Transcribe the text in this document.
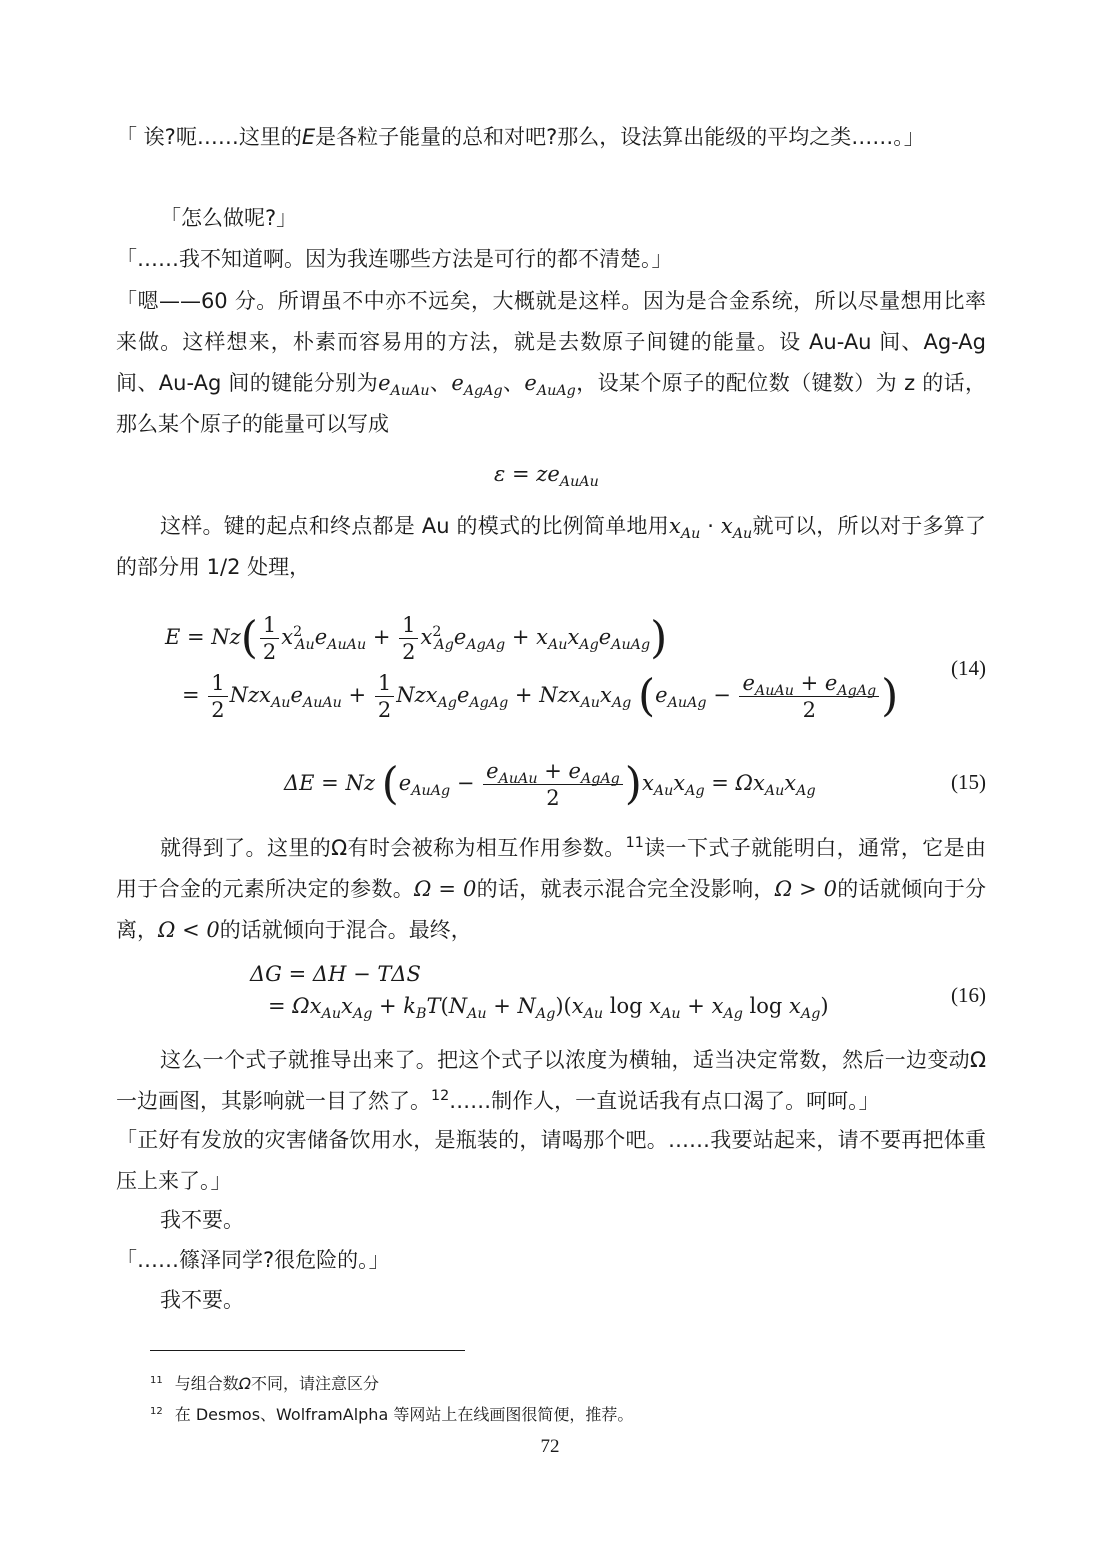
「 诶?呃……这里的E是各粒子能量的总和对吧?那么，设法算出能级的平均之类……。」

「怎么做呢?」

「……我不知道啊。因为我连哪些方法是可行的都不清楚。」

「嗯——60 分。所谓虽不中亦不远矣，大概就是这样。因为是合金系统，所以尽量想用比率来做。这样想来，朴素而容易用的方法，就是去数原子间键的能量。设 Au-Au 间、Ag-Ag 间、Au-Ag 间的键能分别为$e_{AuAu}$、$e_{AgAg}$、$e_{AuAg}$，设某个原子的配位数（键数）为 z 的话，那么某个原子的能量可以写成

$\varepsilon = ze_{AuAu}$

这样。键的起点和终点都是 Au 的模式的比例简单地用$x_{Au} \cdot x_{Au}$就可以，所以对于多算了的部分用 1/2 处理，

$E = Nz( \frac{1}{2} x^2_{Au}e_{AuAu} + \frac{1}{2} x^2_{Ag}e_{AgAg} + x_{Au}x_{Ag}e_{AuAg})$
= $\frac{1}{2} Nzx_{Au}e_{AuAu} + \frac{1}{2} Nzx_{Ag}e_{AgAg} + Nzx_{Au}x_{Ag}$ ($e_{AuAg} - \frac{e_{AuAu} + e_{AgAg}}{2}$ )
(14)
ΔE = Nz $(e_{AuAg} - \frac{e_{AuAu} + e_{AgAg}}{2} )x_{Au}x_{Ag} = \Omega x_{Au}x_{Ag}$	(15)

就得到了。这里的Ω有时会被称为相互作用参数。$^{11}$读一下式子就能明白，通常，它是由用于合金的元素所决定的参数。Ω = 0的话，就表示混合完全没影响，Ω > 0的话就倾向于分离，Ω < 0的话就倾向于混合。最终，

ΔG = ΔH − TΔS
= $\Omega x_{Au}x_{Ag} + k_BT(N_{Au} + N_{Ag})(x_{Au}$ $\log x_{Au} + x_{Ag}$ $\log x_{Ag}$)	(16)

这么一个式子就推导出来了。把这个式子以浓度为横轴，适当决定常数，然后一边变动Ω一边画图，其影响就一目了然了。$^{12}$……制作人，一直说话我有点口渴了。呵呵。」

「正好有发放的灾害储备饮用水，是瓶装的，请喝那个吧。……我要站起来，请不要再把体重压上来了。」

我不要。

「……篠泽同学?很危险的。」

我不要。

$^{11}$ 与组合数Ω不同，请注意区分
$^{12}$ 在 Desmos、WolframAlpha 等网站上在线画图很简便，推荐。
72
